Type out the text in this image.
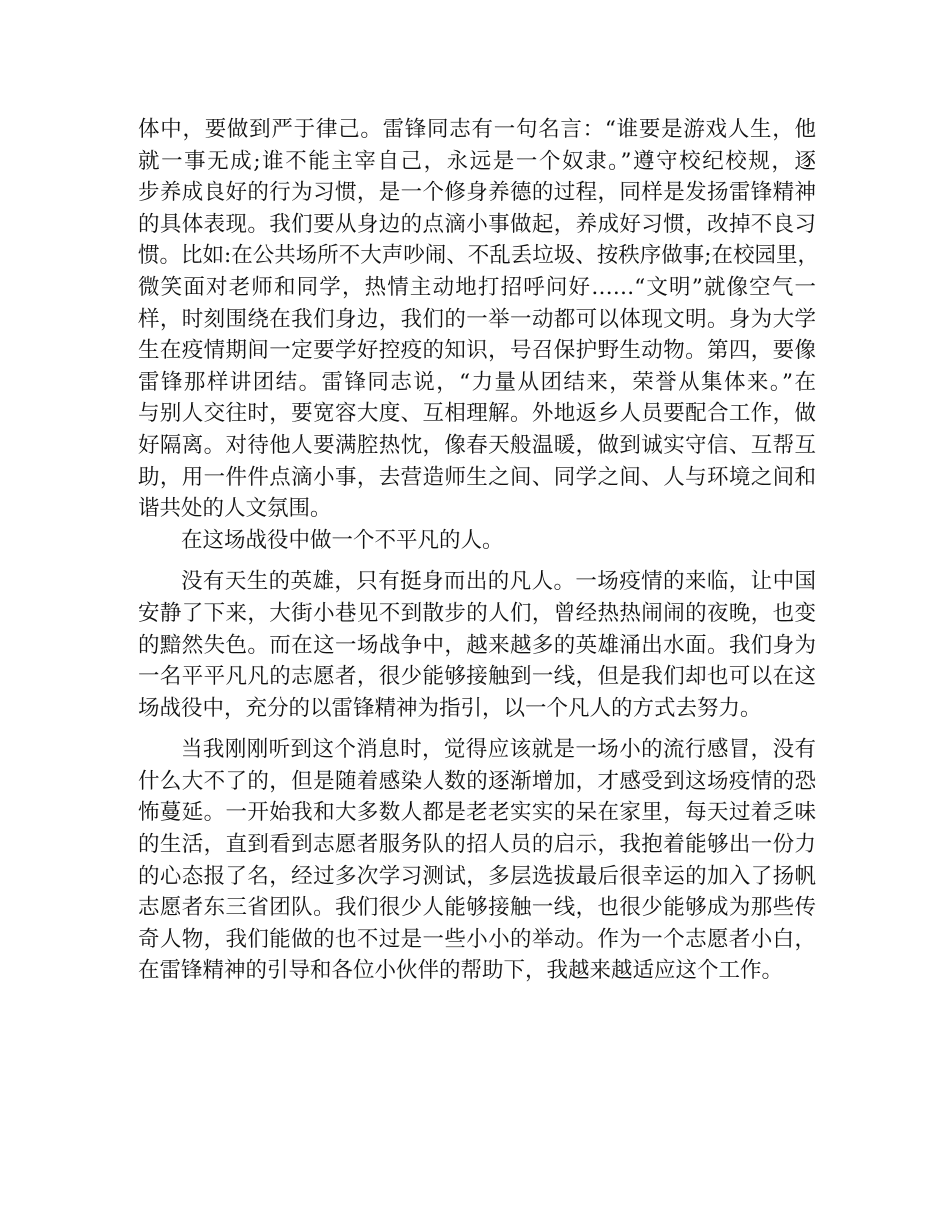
体中，要做到严于律己。雷锋同志有一句名言：“谁要是游戏人生，他
就一事无成;谁不能主宰自己，永远是一个奴隶。”遵守校纪校规，逐
步养成良好的行为习惯，是一个修身养德的过程，同样是发扬雷锋精神
的具体表现。我们要从身边的点滴小事做起，养成好习惯，改掉不良习
惯。比如:在公共场所不大声吵闹、不乱丢垃圾、按秩序做事;在校园里，
微笑面对老师和同学，热情主动地打招呼问好……“文明”就像空气一
样，时刻围绕在我们身边，我们的一举一动都可以体现文明。身为大学
生在疫情期间一定要学好控疫的知识，号召保护野生动物。第四，要像
雷锋那样讲团结。雷锋同志说，“力量从团结来，荣誉从集体来。”在
与别人交往时，要宽容大度、互相理解。外地返乡人员要配合工作，做
好隔离。对待他人要满腔热忱，像春天般温暖，做到诚实守信、互帮互
助，用一件件点滴小事，去营造师生之间、同学之间、人与环境之间和
谐共处的人文氛围。
在这场战役中做一个不平凡的人。
没有天生的英雄，只有挺身而出的凡人。一场疫情的来临，让中国
安静了下来，大街小巷见不到散步的人们，曾经热热闹闹的夜晚，也变
的黯然失色。而在这一场战争中，越来越多的英雄涌出水面。我们身为
一名平平凡凡的志愿者，很少能够接触到一线，但是我们却也可以在这
场战役中，充分的以雷锋精神为指引，以一个凡人的方式去努力。
当我刚刚听到这个消息时，觉得应该就是一场小的流行感冒，没有
什么大不了的，但是随着感染人数的逐渐增加，才感受到这场疫情的恐
怖蔓延。一开始我和大多数人都是老老实实的呆在家里，每天过着乏味
的生活，直到看到志愿者服务队的招人员的启示，我抱着能够出一份力
的心态报了名，经过多次学习测试，多层选拔最后很幸运的加入了扬帆
志愿者东三省团队。我们很少人能够接触一线，也很少能够成为那些传
奇人物，我们能做的也不过是一些小小的举动。作为一个志愿者小白，
在雷锋精神的引导和各位小伙伴的帮助下，我越来越适应这个工作。
